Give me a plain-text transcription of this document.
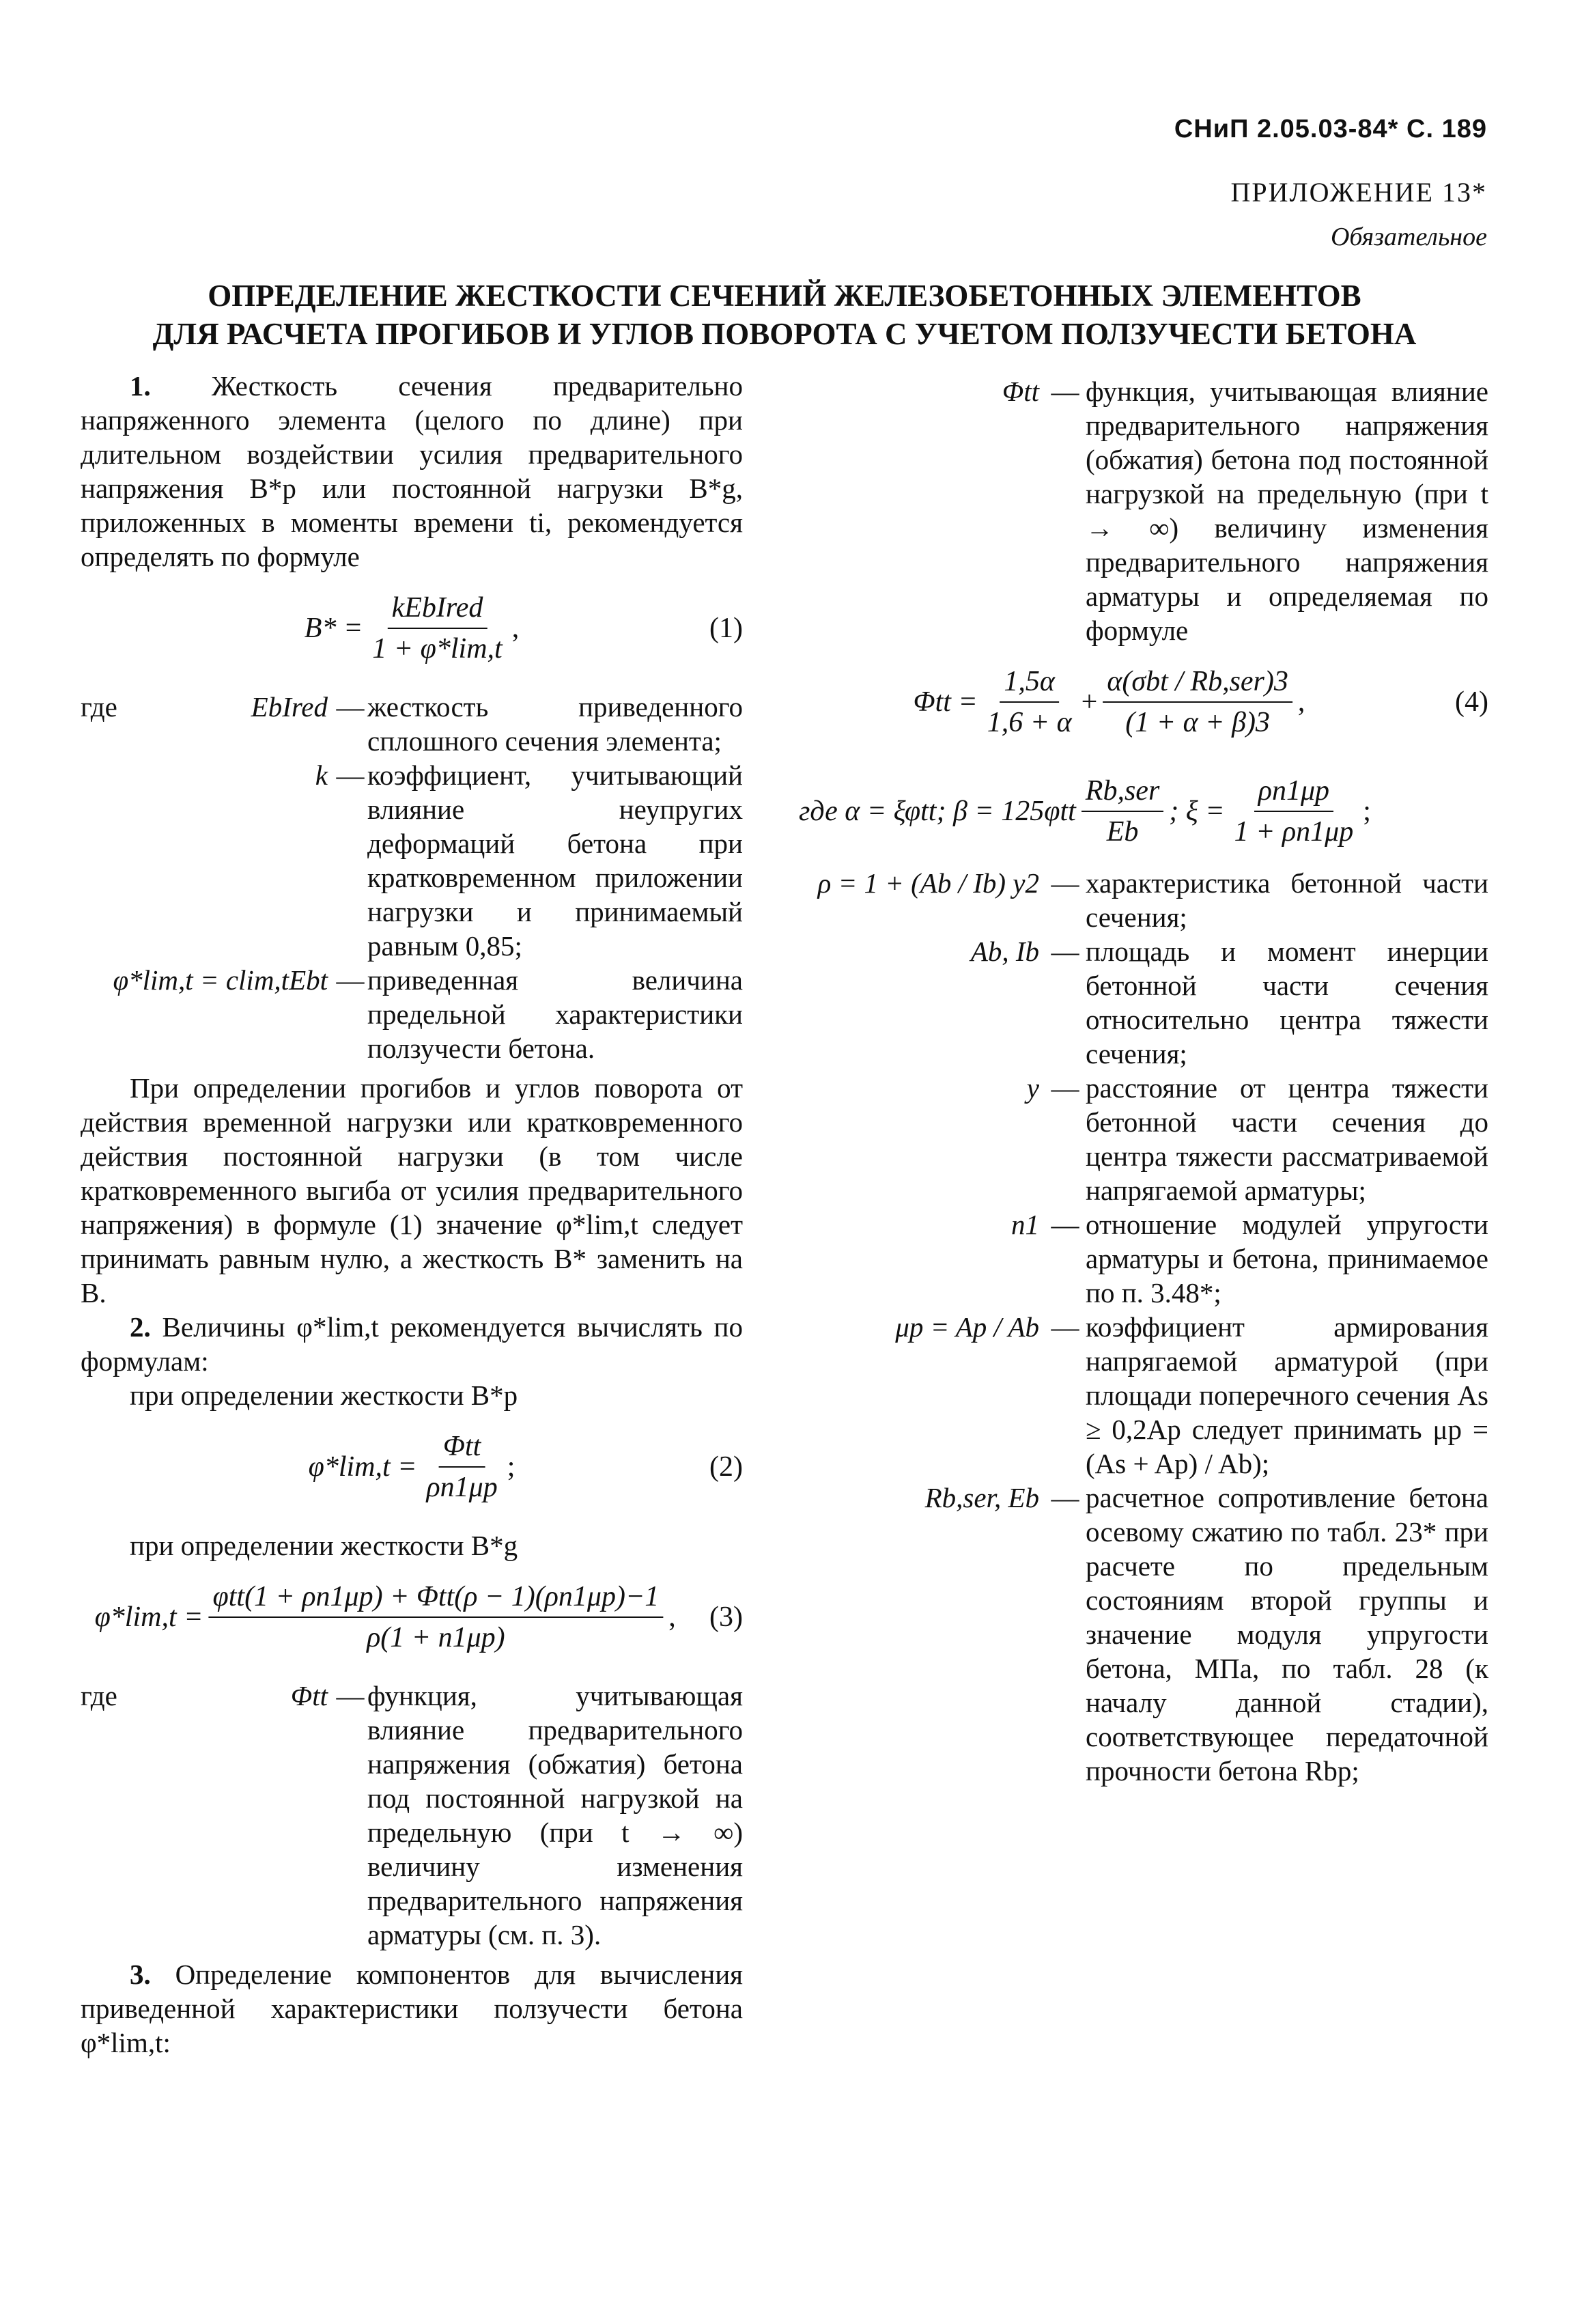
СНиП 2.05.03-84* С. 189
ПРИЛОЖЕНИЕ 13*
Обязательное
ОПРЕДЕЛЕНИЕ ЖЕСТКОСТИ СЕЧЕНИЙ ЖЕЛЕЗОБЕТОННЫХ ЭЛЕМЕНТОВ
ДЛЯ РАСЧЕТА ПРОГИБОВ И УГЛОВ ПОВОРОТА С УЧЕТОМ ПОЛЗУЧЕСТИ БЕТОНА

1. Жесткость сечения предварительно напряженного элемента (целого по длине) при длительном воздействии усилия предварительного напряжения B*p или постоянной нагрузки B*g, приложенных в моменты времени ti, рекомендуется определять по формуле

$B* = \frac{\text{kEbIred}}{1 + \varphi*\lim,t}$ ,	(1)
где	EbIred — жесткость приведенного сплошного сечения элемента;
k — коэффициент, учитывающий влияние неупругих деформаций бетона при кратковременном приложении нагрузки и принимаемый равным 0,85;
φ*lim,t = clim,tEbt — приведенная величина предельной характеристики ползучести бетона.

При определении прогибов и углов поворота от действия временной нагрузки или кратковременного действия постоянной нагрузки (в том числе кратковременного выгиба от усилия предварительного напряжения) в формуле (1) значение φ*lim,t следует принимать равным нулю, а жесткость B* заменить на B.

2. Величины φ*lim,t рекомендуется вычислять по формулам:

при определении жесткости B*p

$\varphi*\lim,t = \frac{\text{Φtt}}{\rho n1\mu p}$ ;	(2)

при определении жесткости B*g

$\varphi*\lim,t = \frac{\text{φtt(1 + ρn1μp) + Φtt(ρ − 1)(ρn1μp)−1}}{\rho(1 + n1\mu p)}$ , (3)
где	Φtt — функция, учитывающая влияние предварительного напряжения (обжатия) бетона под постоянной нагрузкой на предельную (при t → ∞) величину изменения предварительного напряжения арматуры (см. п. 3).

3. Определение компонентов для вычисления приведенной характеристики ползучести бетона φ*lim,t:

Φtt — функция, учитывающая влияние предварительного напряжения (обжатия) бетона под постоянной нагрузкой на предельную (при t → ∞) величину изменения предварительного напряжения арматуры и определяемая по формуле
$\Phi tt = \frac{1,5\alpha}{1,6 + \alpha} + \frac{\text{α(σbt / Rb,ser)3}}{(1 + \alpha + \beta)3}$ ,	(4)
где α = ξφtt; $\beta = 125\varphi tt \frac{\text{Rb,ser}}{Eb}$ ; $\xi = \frac{\rho n1\mu p}{1 + \rho n1\mu p}$ ;
ρ = 1 + (Ab / Ib) y2 — характеристика бетонной части сечения;
Ab, Ib — площадь и момент инерции бетонной части сечения относительно центра тяжести сечения;
y — расстояние от центра тяжести бетонной части сечения до центра тяжести рассматриваемой напрягаемой арматуры;
n1 — отношение модулей упругости арматуры и бетона, принимаемое по п. 3.48*;
μp = Ap / Ab — коэффициент армирования напрягаемой арматурой (при площади поперечного сечения As ≥ 0,2Ap следует принимать μp = (As + Ap) / Ab);
Rb,ser, Eb — расчетное сопротивление бетона осевому сжатию по табл. 23* при расчете по предельным состояниям второй группы и значение модуля упругости бетона, МПа, по табл. 28 (к началу данной стадии), соответствующее передаточной прочности бетона Rbp;
